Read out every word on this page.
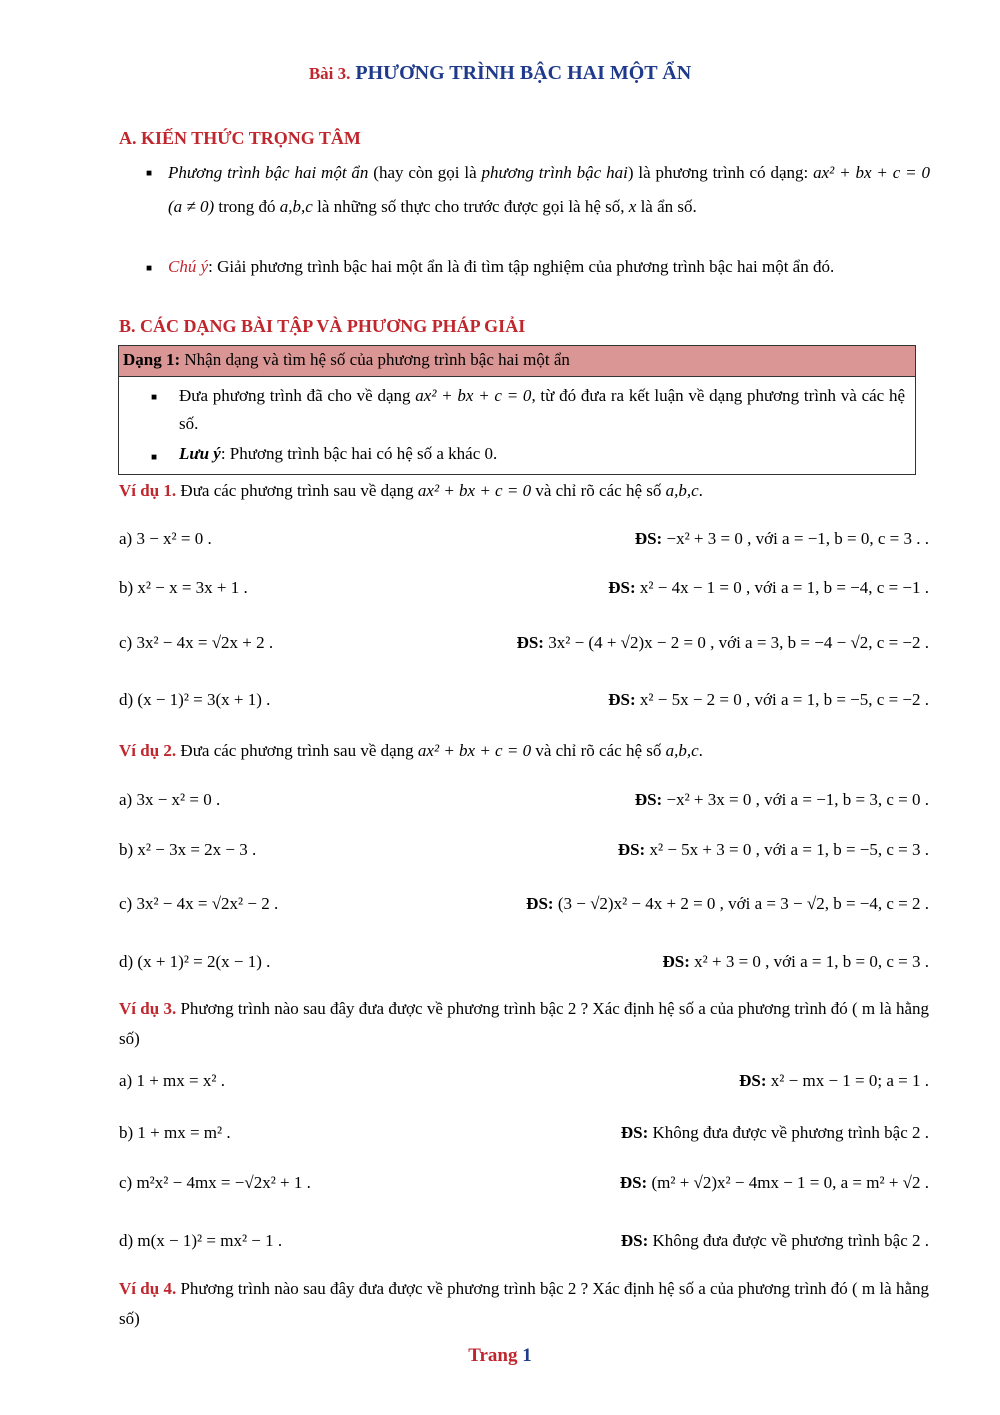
Bài 3. PHƯƠNG TRÌNH BẬC HAI MỘT ẨN
A. KIẾN THỨC TRỌNG TÂM
■ Phương trình bậc hai một ẩn (hay còn gọi là phương trình bậc hai) là phương trình có dạng: ax² + bx + c = 0 (a ≠ 0) trong đó a,b,c là những số thực cho trước được gọi là hệ số, x là ẩn số.
■ Chú ý: Giải phương trình bậc hai một ẩn là đi tìm tập nghiệm của phương trình bậc hai một ẩn đó.
B. CÁC DẠNG BÀI TẬP VÀ PHƯƠNG PHÁP GIẢI
Dạng 1: Nhận dạng và tìm hệ số của phương trình bậc hai một ẩn
■ Đưa phương trình đã cho về dạng ax² + bx + c = 0, từ đó đưa ra kết luận về dạng phương trình và các hệ số.
■ Lưu ý: Phương trình bậc hai có hệ số a khác 0.
Ví dụ 1. Đưa các phương trình sau về dạng ax² + bx + c = 0 và chỉ rõ các hệ số a,b,c.
a) 3 − x² = 0 .	ĐS: −x² + 3 = 0 , với a = −1, b = 0, c = 3 . .
b) x² − x = 3x + 1 .	ĐS: x² − 4x − 1 = 0 , với a = 1, b = −4, c = −1 .
c) 3x² − 4x = √2x + 2 .	ĐS: 3x² − (4 + √2)x − 2 = 0 , với a = 3, b = −4 − √2, c = −2 .
d) (x − 1)² = 3(x + 1) .	ĐS: x² − 5x − 2 = 0 , với a = 1, b = −5, c = −2 .
Ví dụ 2. Đưa các phương trình sau về dạng ax² + bx + c = 0 và chỉ rõ các hệ số a,b,c.
a) 3x − x² = 0 .	ĐS: −x² + 3x = 0 , với a = −1, b = 3, c = 0 .
b) x² − 3x = 2x − 3 .	ĐS: x² − 5x + 3 = 0 , với a = 1, b = −5, c = 3 .
c) 3x² − 4x = √2x² − 2 .	ĐS: (3 − √2)x² − 4x + 2 = 0 , với a = 3 − √2, b = −4, c = 2 .
d) (x + 1)² = 2(x − 1) .	ĐS: x² + 3 = 0 , với a = 1, b = 0, c = 3 .
Ví dụ 3. Phương trình nào sau đây đưa được về phương trình bậc 2 ? Xác định hệ số a của phương trình đó ( m là hằng số)
a) 1 + mx = x² .	ĐS: x² − mx − 1 = 0; a = 1 .
b) 1 + mx = m² .	ĐS: Không đưa được về phương trình bậc 2 .
c) m²x² − 4mx = −√2x² + 1 .	ĐS: (m² + √2)x² − 4mx − 1 = 0, a = m² + √2 .
d) m(x − 1)² = mx² − 1 .	ĐS: Không đưa được về phương trình bậc 2 .
Ví dụ 4. Phương trình nào sau đây đưa được về phương trình bậc 2 ? Xác định hệ số a của phương trình đó ( m là hằng số)
Trang 1
